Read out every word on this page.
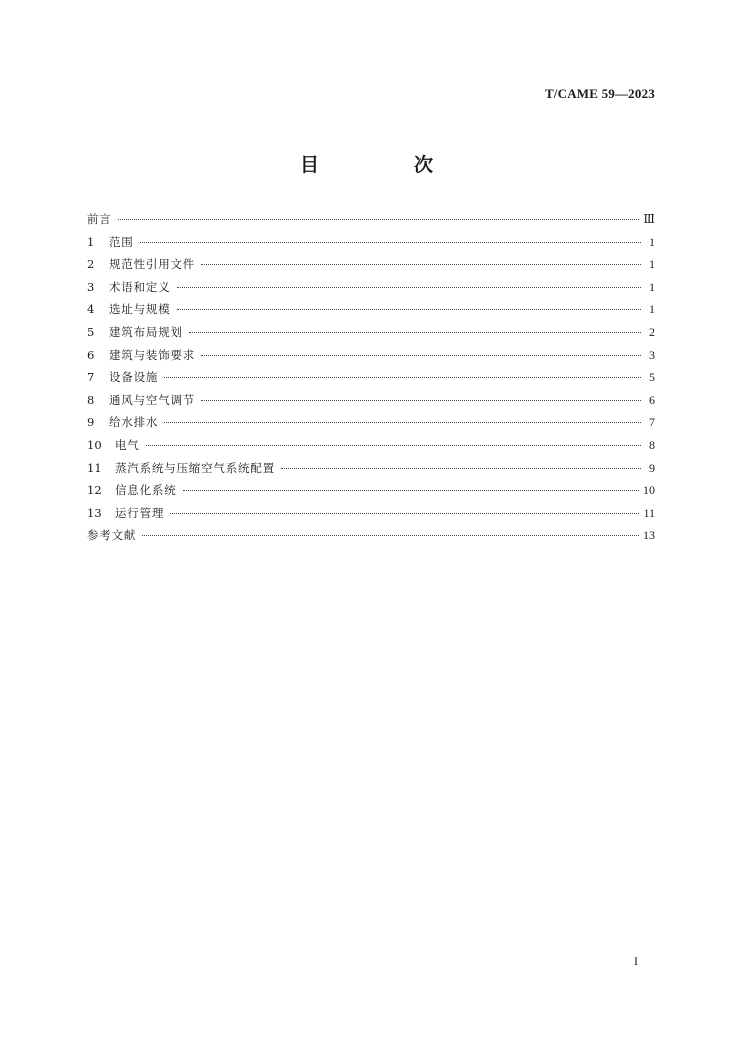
T/CAME 59—2023
目　次
前言	Ⅲ
1	范围	1
2	规范性引用文件	1
3	术语和定义	1
4	选址与规模	1
5	建筑布局规划	2
6	建筑与装饰要求	3
7	设备设施	5
8	通风与空气调节	6
9	给水排水	7
10	电气	8
11	蒸汽系统与压缩空气系统配置	9
12	信息化系统	10
13	运行管理	11
参考文献	13
I
